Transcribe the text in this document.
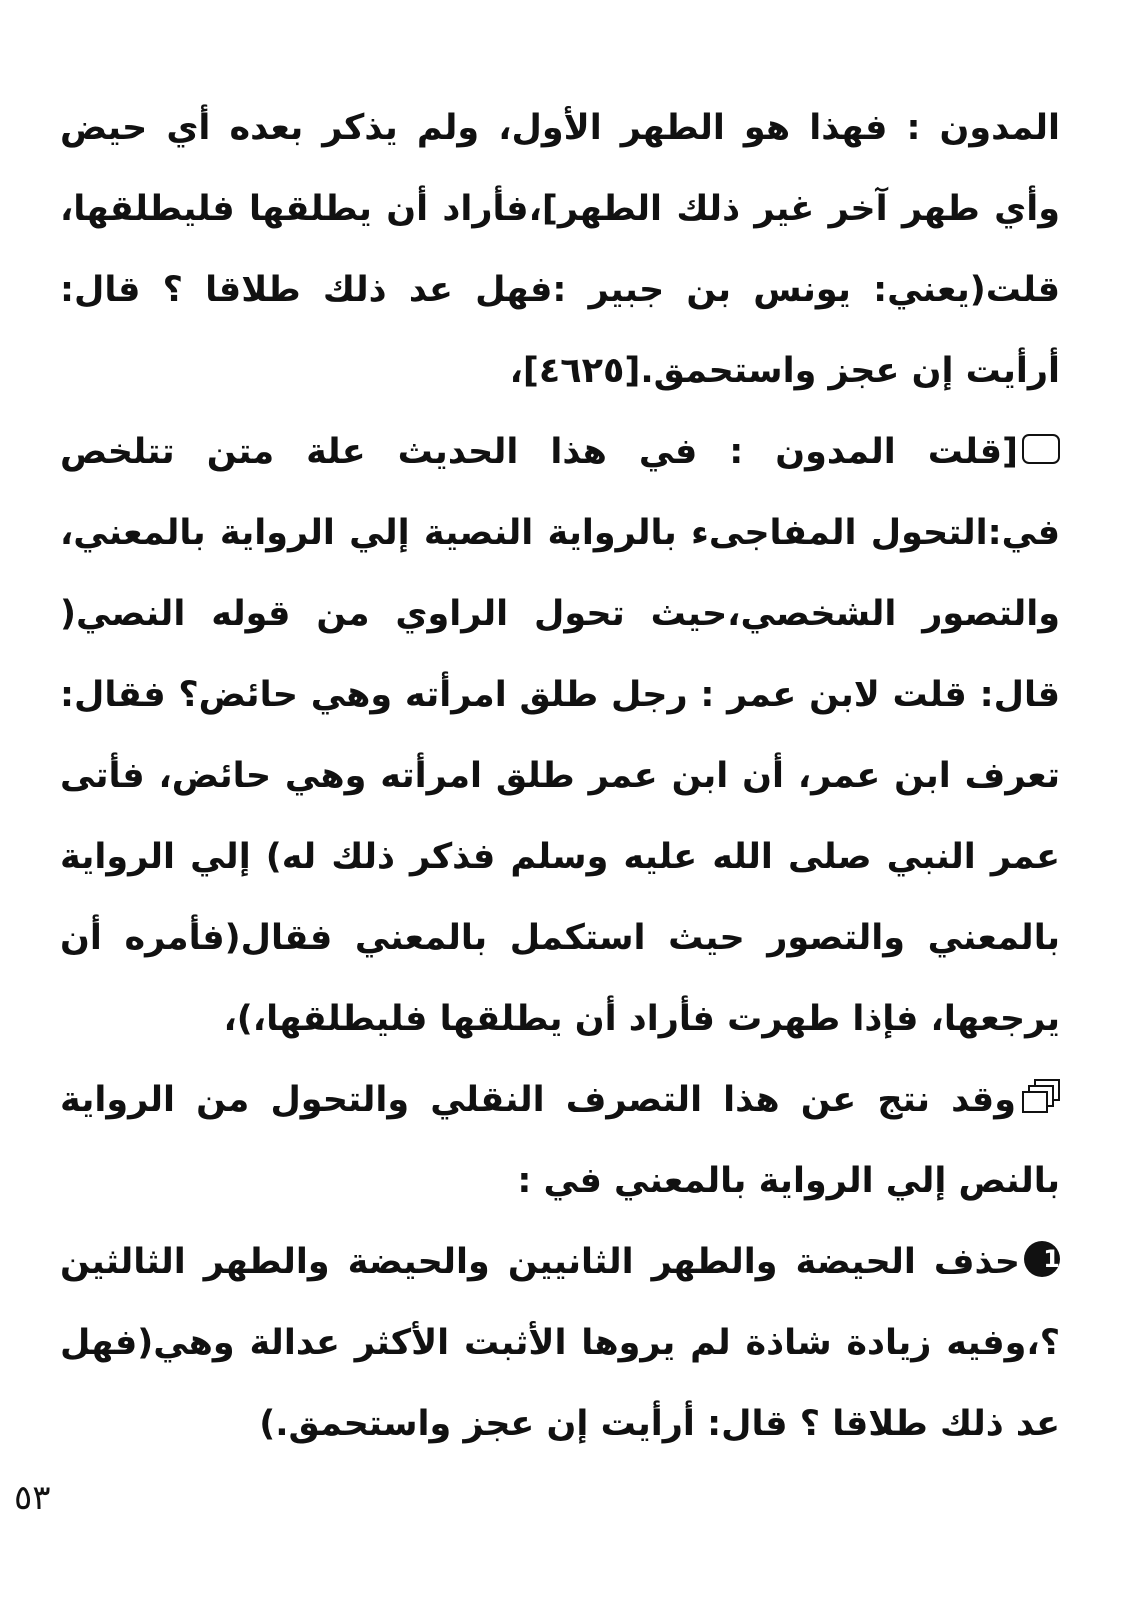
المدون : فهذا هو الطهر الأول، ولم يذكر بعده أي حيض وأي طهر آخر غير ذلك الطهر]،فأراد أن يطلقها فليطلقها، قلت(يعني: يونس بن جبير :فهل عد ذلك طلاقا ؟ قال: أرأيت إن عجز واستحمق.[٤٦٢٥]،

[قلت المدون : في هذا الحديث علة متن تتلخص في:التحول المفاجىء بالرواية النصية إلي الرواية بالمعني، والتصور الشخصي،حيث تحول الراوي من قوله النصي( قال: قلت لابن عمر : رجل طلق امرأته وهي حائض؟ فقال: تعرف ابن عمر، أن ابن عمر طلق امرأته وهي حائض، فأتى عمر النبي صلى الله عليه وسلم فذكر ذلك له) إلي الرواية بالمعني والتصور حيث استكمل بالمعني فقال(فأمره أن يرجعها، فإذا طهرت فأراد أن يطلقها فليطلقها،)،

وقد نتج عن هذا التصرف النقلي والتحول من الرواية بالنص إلي الرواية بالمعني في :

1حذف الحيضة والطهر الثانيين والحيضة والطهر الثالثين ؟،وفيه زيادة شاذة لم يروها الأثبت الأكثر عدالة وهي(فهل عد ذلك طلاقا ؟ قال: أرأيت إن عجز واستحمق.)

٥٣
